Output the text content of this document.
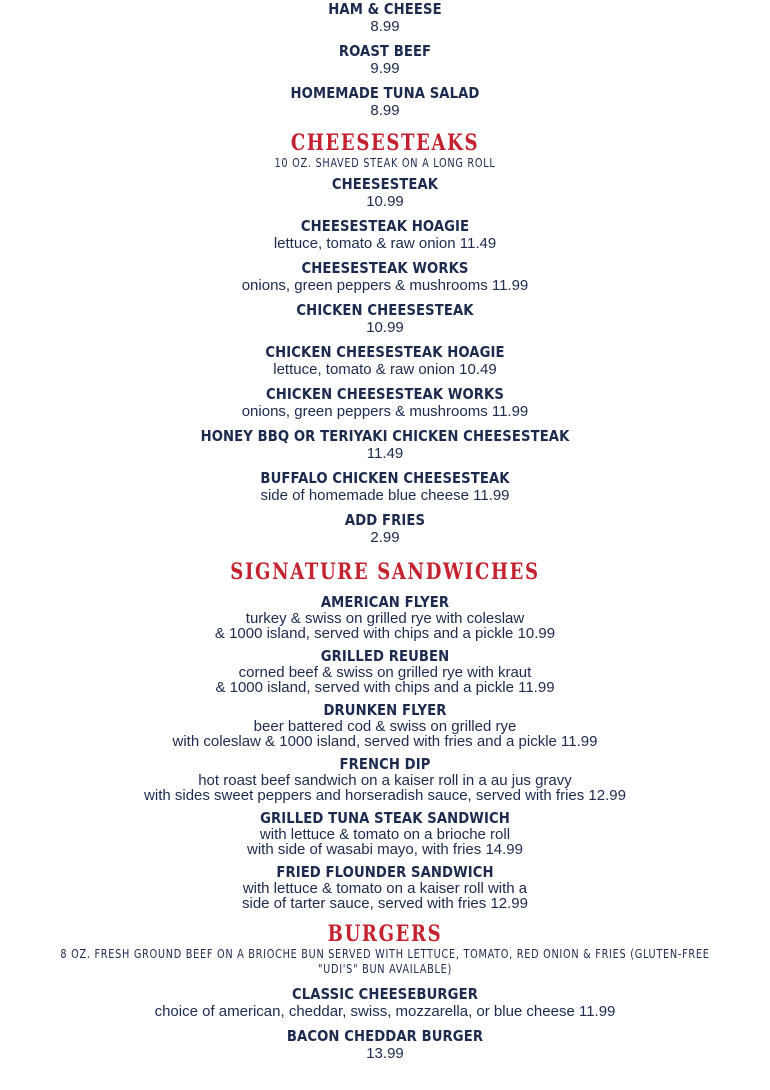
HAM & CHEESE
8.99
ROAST BEEF
9.99
HOMEMADE TUNA SALAD
8.99
CHEESESTEAKS
10 OZ. SHAVED STEAK ON A LONG ROLL
CHEESESTEAK
10.99
CHEESESTEAK HOAGIE
lettuce, tomato & raw onion 11.49
CHEESESTEAK WORKS
onions, green peppers & mushrooms 11.99
CHICKEN CHEESESTEAK
10.99
CHICKEN CHEESESTEAK HOAGIE
lettuce, tomato & raw onion 10.49
CHICKEN CHEESESTEAK WORKS
onions, green peppers & mushrooms 11.99
HONEY BBQ OR TERIYAKI CHICKEN CHEESESTEAK
11.49
BUFFALO CHICKEN CHEESESTEAK
side of homemade blue cheese 11.99
ADD FRIES
2.99
SIGNATURE SANDWICHES
AMERICAN FLYER
turkey & swiss on grilled rye with coleslaw
& 1000 island, served with chips and a pickle 10.99
GRILLED REUBEN
corned beef & swiss on grilled rye with kraut
& 1000 island, served with chips and a pickle 11.99
DRUNKEN FLYER
beer battered cod & swiss on grilled rye
with coleslaw & 1000 island, served with fries and a pickle 11.99
FRENCH DIP
hot roast beef sandwich on a kaiser roll in a au jus gravy
with sides sweet peppers and horseradish sauce, served with fries 12.99
GRILLED TUNA STEAK SANDWICH
with lettuce & tomato on a brioche roll
with side of wasabi mayo, with fries 14.99
FRIED FLOUNDER SANDWICH
with lettuce & tomato on a kaiser roll with a
side of tarter sauce, served with fries 12.99
BURGERS
8 OZ. FRESH GROUND BEEF ON A BRIOCHE BUN SERVED WITH LETTUCE, TOMATO, RED ONION & FRIES (GLUTEN-FREE
"UDI'S" BUN AVAILABLE)
CLASSIC CHEESEBURGER
choice of american, cheddar, swiss, mozzarella, or blue cheese 11.99
BACON CHEDDAR BURGER
13.99
